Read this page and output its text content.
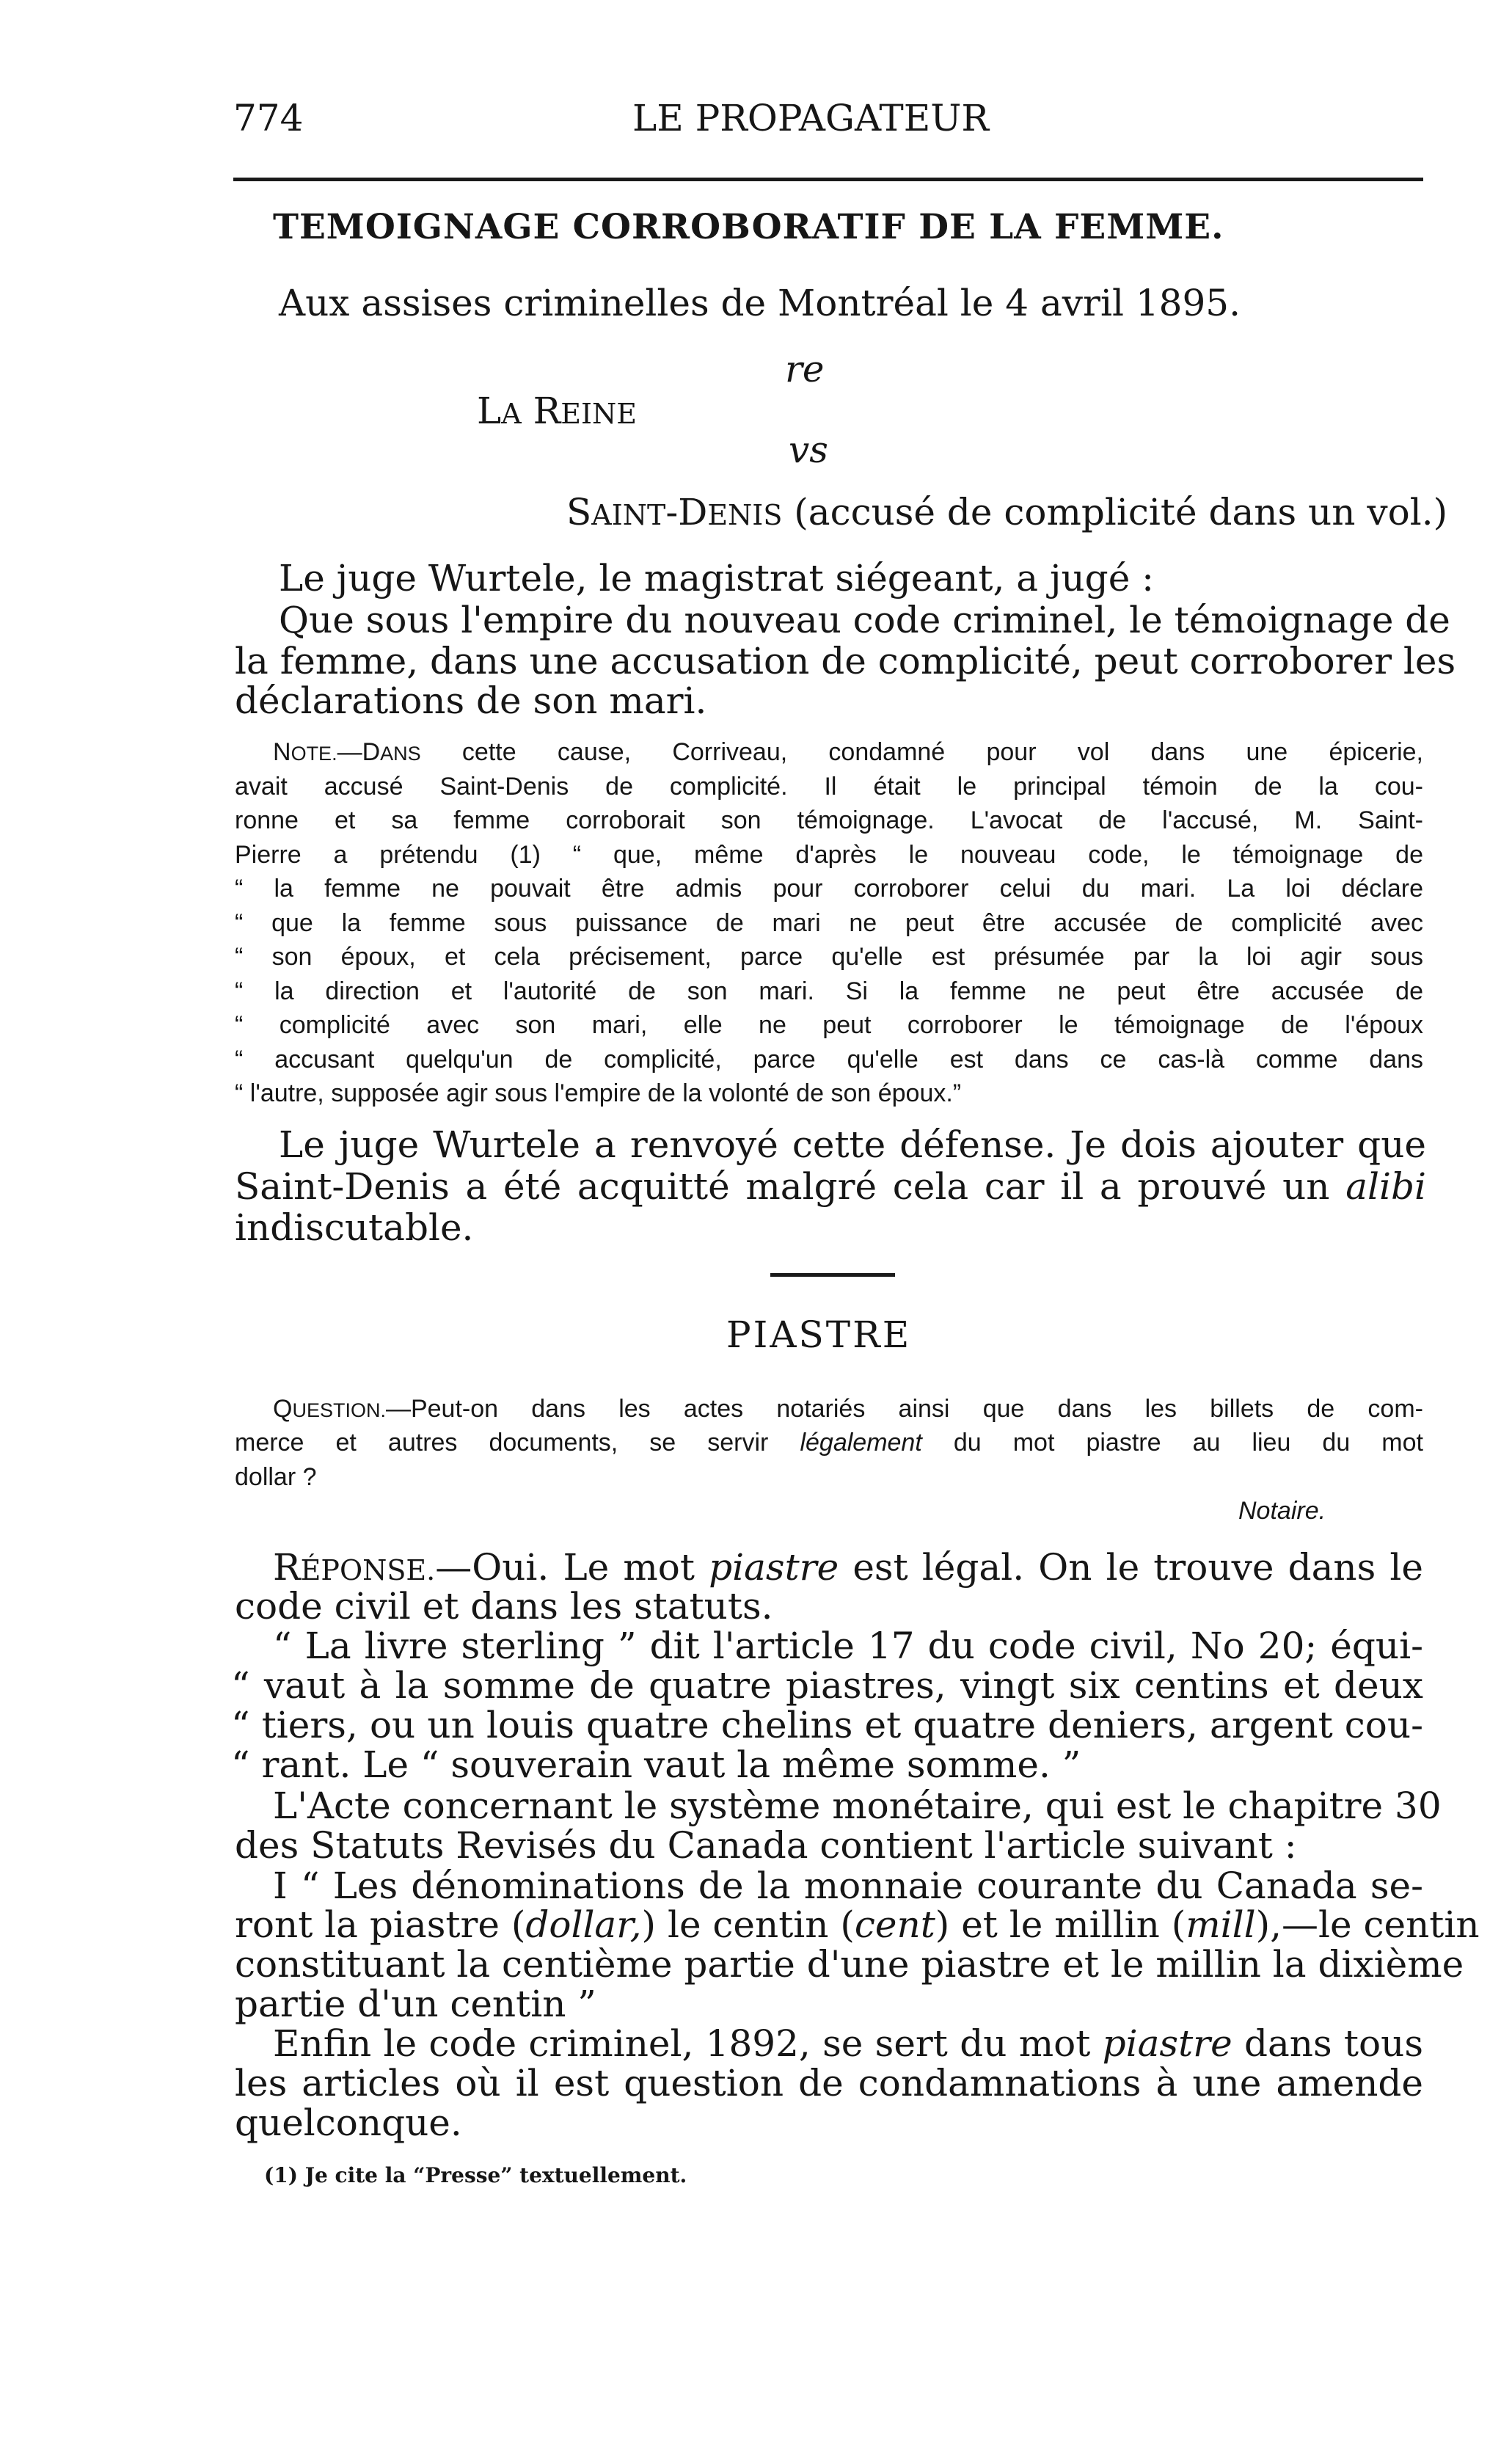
774	LE PROPAGATEUR
TEMOIGNAGE CORROBORATIF DE LA FEMME.
Aux assises criminelles de Montréal le 4 avril 1895.
re
LA REINE
vs
SAINT-DENIS (accusé de complicité dans un vol.)
Le juge Wurtele, le magistrat siégeant, a jugé :
Que sous l'empire du nouveau code criminel, le témoignage de
la femme, dans une accusation de complicité, peut corroborer les
déclarations de son mari.
NOTE.—DANS cette cause, Corriveau, condamné pour vol dans une épicerie,
avait accusé Saint-Denis de complicité. Il était le principal témoin de la cou-
ronne et sa femme corroborait son témoignage. L'avocat de l'accusé, M. Saint-
Pierre a prétendu (1) “ que, même d'après le nouveau code, le témoignage de
“ la femme ne pouvait être admis pour corroborer celui du mari. La loi déclare
“ que la femme sous puissance de mari ne peut être accusée de complicité avec
“ son époux, et cela précisement, parce qu'elle est présumée par la loi agir sous
“ la direction et l'autorité de son mari. Si la femme ne peut être accusée de
“ complicité avec son mari, elle ne peut corroborer le témoignage de l'époux
“ accusant quelqu'un de complicité, parce qu'elle est dans ce cas-là comme dans
“ l'autre, supposée agir sous l'empire de la volonté de son époux.”
Le juge Wurtele a renvoyé cette défense. Je dois ajouter que
Saint-Denis a été acquitté malgré cela car il a prouvé un alibi
indiscutable.
PIASTRE
QUESTION.—Peut-on dans les actes notariés ainsi que dans les billets de com-
merce et autres documents, se servir légalement du mot piastre au lieu du mot
dollar ?
Notaire.
RÉPONSE.—Oui. Le mot piastre est légal. On le trouve dans le
code civil et dans les statuts.
“ La livre sterling ” dit l'article 17 du code civil, No 20; équi-
“ vaut à la somme de quatre piastres, vingt six centins et deux
“ tiers, ou un louis quatre chelins et quatre deniers, argent cou-
“ rant. Le “ souverain vaut la même somme. ”
L'Acte concernant le système monétaire, qui est le chapitre 30
des Statuts Revisés du Canada contient l'article suivant :
I “ Les dénominations de la monnaie courante du Canada se-
ront la piastre (dollar,) le centin (cent) et le millin (mill),—le centin
constituant la centième partie d'une piastre et le millin la dixième
partie d'un centin ”
Enfin le code criminel, 1892, se sert du mot piastre dans tous
les articles où il est question de condamnations à une amende
quelconque.
(1) Je cite la “Presse” textuellement.
